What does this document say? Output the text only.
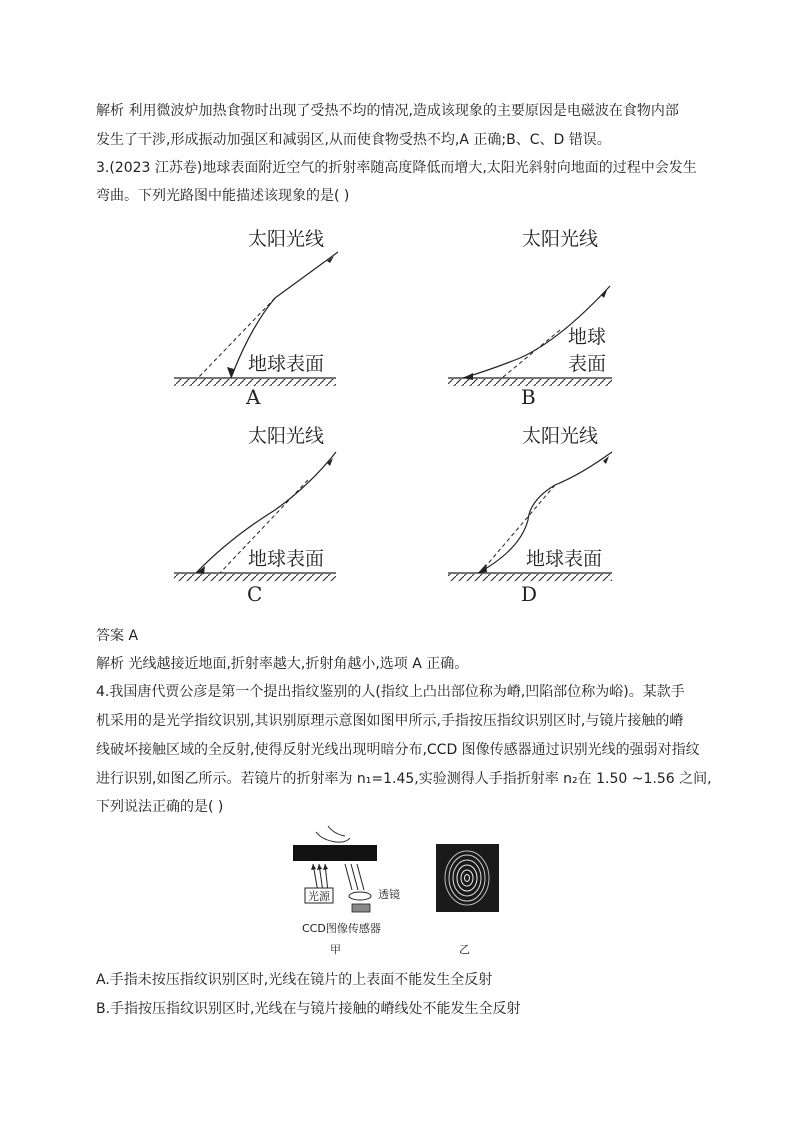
解析 利用微波炉加热食物时出现了受热不均的情况,造成该现象的主要原因是电磁波在食物内部
发生了干涉,形成振动加强区和减弱区,从而使食物受热不均,A 正确;B、C、D 错误。
3.(2023 江苏卷)地球表面附近空气的折射率随高度降低而增大,太阳光斜射向地面的过程中会发生
弯曲。下列光路图中能描述该现象的是( )
太阳光线
地球表面
A
太阳光线
地球
表面
B
太阳光线
地球表面
C
太阳光线
地球表面
D
答案 A
解析 光线越接近地面,折射率越大,折射角越小,选项 A 正确。
4.我国唐代贾公彦是第一个提出指纹鉴别的人(指纹上凸出部位称为嵴,凹陷部位称为峪)。某款手
机采用的是光学指纹识别,其识别原理示意图如图甲所示,手指按压指纹识别区时,与镜片接触的嵴
线破坏接触区域的全反射,使得反射光线出现明暗分布,CCD 图像传感器通过识别光线的强弱对指纹
进行识别,如图乙所示。若镜片的折射率为 n₁=1.45,实验测得人手指折射率 n₂在 1.50 ~1.56 之间,
下列说法正确的是( )
光源	透镜
CCD图像传感器
甲	乙
A.手指未按压指纹识别区时,光线在镜片的上表面不能发生全反射
B.手指按压指纹识别区时,光线在与镜片接触的嵴线处不能发生全反射
